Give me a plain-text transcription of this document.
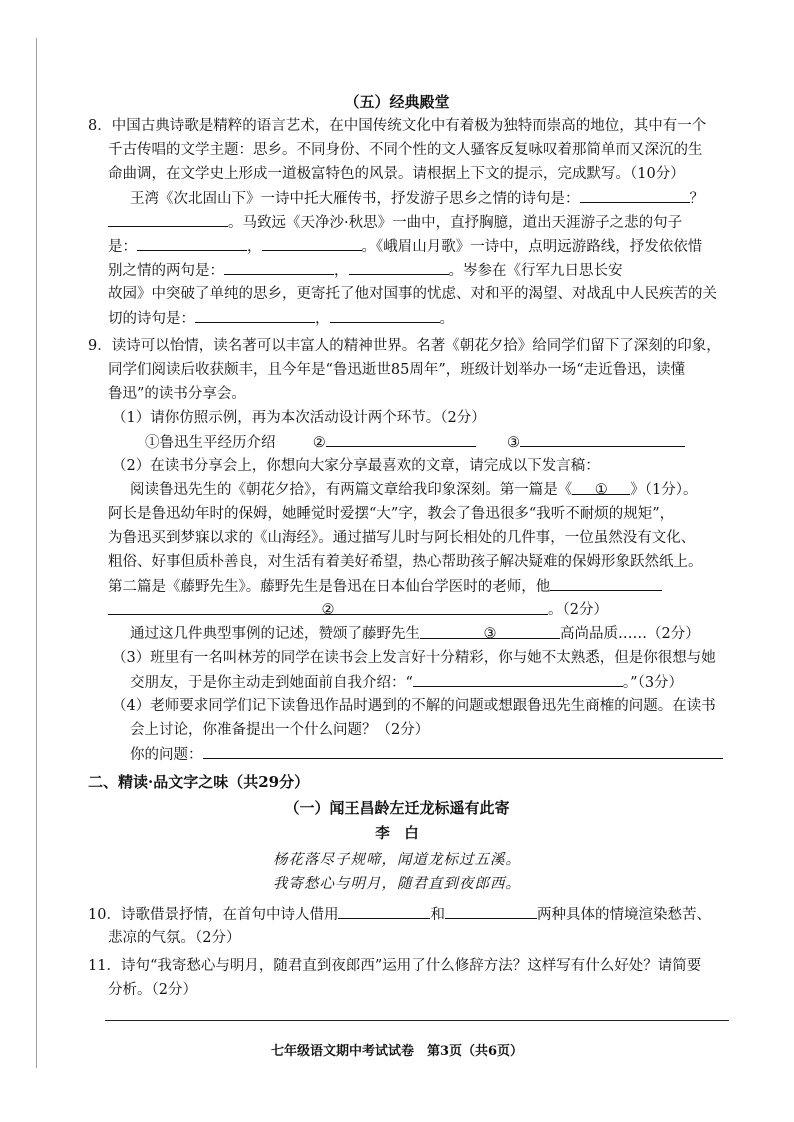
（五）经典殿堂
8．中国古典诗歌是精粹的语言艺术，在中国传统文化中有着极为独特而崇高的地位，其中有一个
千古传唱的文学主题：思乡。不同身份、不同个性的文人骚客反复咏叹着那简单而又深沉的生
命曲调，在文学史上形成一道极富特色的风景。请根据上下文的提示，完成默写。（10分）
王湾《次北固山下》一诗中托大雁传书，抒发游子思乡之情的诗句是：	？
。马致远《天净沙·秋思》一曲中，直抒胸臆，道出天涯游子之悲的句子
是：	，	。《峨眉山月歌》一诗中，点明远游路线，抒发依依惜
别之情的两句是：	，	。岑参在《行军九日思长安
故园》中突破了单纯的思乡，更寄托了他对国事的忧虑、对和平的渴望、对战乱中人民疾苦的关
切的诗句是：	，	。
9．读诗可以怡情，读名著可以丰富人的精神世界。名著《朝花夕拾》给同学们留下了深刻的印象，
同学们阅读后收获颇丰，且今年是“鲁迅逝世85周年”，班级计划举办一场“走近鲁迅，读懂
鲁迅”的读书分享会。
（1）请你仿照示例，再为本次活动设计两个环节。（2分）
①鲁迅生平经历介绍	②	③
（2）在读书分享会上，你想向大家分享最喜欢的文章，请完成以下发言稿：
阅读鲁迅先生的《朝花夕拾》，有两篇文章给我印象深刻。第一篇是《 ① 》（1分）。
阿长是鲁迅幼年时的保姆，她睡觉时爱摆“大”字，教会了鲁迅很多“我听不耐烦的规矩”，
为鲁迅买到梦寐以求的《山海经》。通过描写儿时与阿长相处的几件事，一位虽然没有文化、
粗俗、好事但质朴善良，对生活有着美好希望，热心帮助孩子解决疑难的保姆形象跃然纸上。
第二篇是《藤野先生》。藤野先生是鲁迅在日本仙台学医时的老师，他
②	。（2分）
通过这几件典型事例的记述，赞颂了藤野先生	③	高尚品质……（2分）
（3）班里有一名叫林芳的同学在读书会上发言好十分精彩，你与她不太熟悉，但是你很想与她
交朋友，于是你主动走到她面前自我介绍：“	。”（3分）
（4）老师要求同学们记下读鲁迅作品时遇到的不解的问题或想跟鲁迅先生商榷的问题。在读书
会上讨论，你准备提出一个什么问题？（2分）
你的问题：
二、精读·品文字之味（共29分）
（一）闻王昌龄左迁龙标遥有此寄
李　白
杨花落尽子规啼，闻道龙标过五溪。
我寄愁心与明月，随君直到夜郎西。
10．诗歌借景抒情，在首句中诗人借用	和	两种具体的情境渲染愁苦、
悲凉的气氛。（2分）
11．诗句“我寄愁心与明月，随君直到夜郎西”运用了什么修辞方法？这样写有什么好处？请简要
分析。（2分）
七年级语文期中考试试卷　第3页（共6页）
